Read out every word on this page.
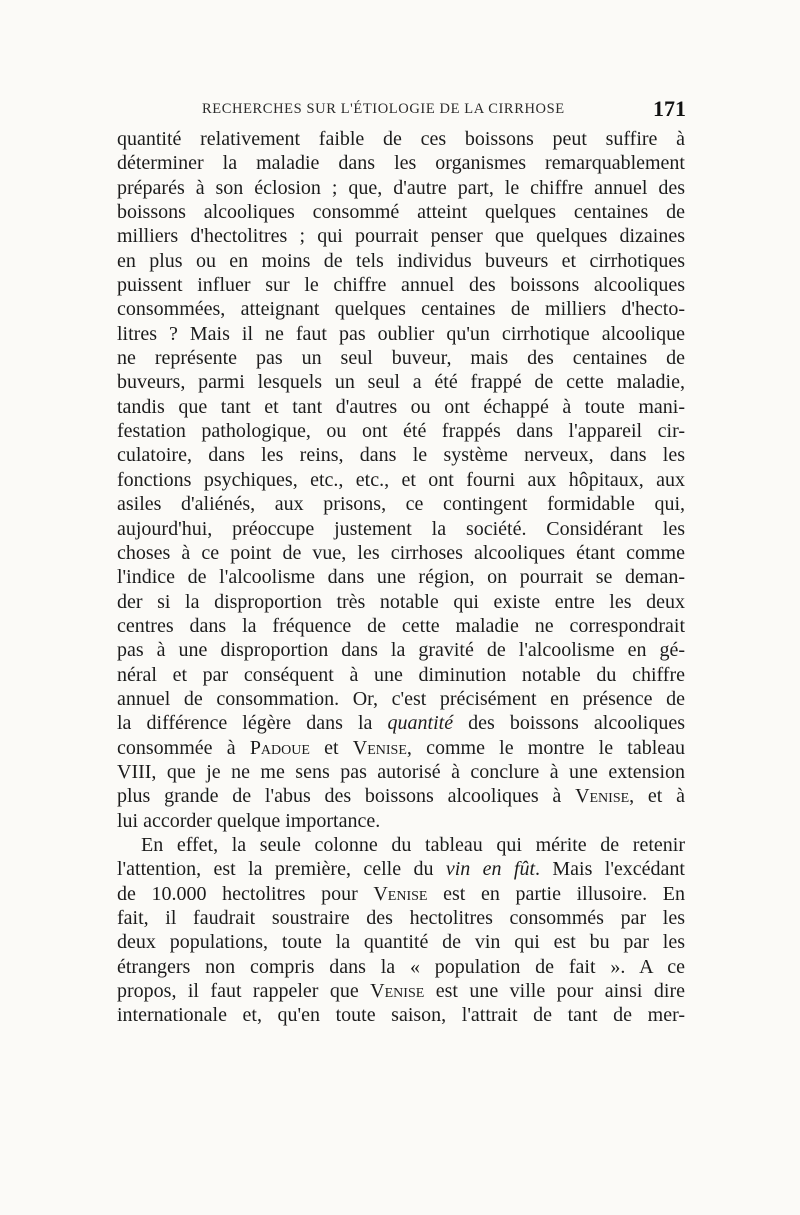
RECHERCHES SUR L'ÉTIOLOGIE DE LA CIRRHOSE	171
quantité relativement faible de ces boissons peut suffire à
déterminer la maladie dans les organismes remarquablement
préparés à son éclosion ; que, d'autre part, le chiffre annuel des
boissons alcooliques consommé atteint quelques centaines de
milliers d'hectolitres ; qui pourrait penser que quelques dizaines
en plus ou en moins de tels individus buveurs et cirrhotiques
puissent influer sur le chiffre annuel des boissons alcooliques
consommées, atteignant quelques centaines de milliers d'hecto-
litres ? Mais il ne faut pas oublier qu'un cirrhotique alcoolique
ne représente pas un seul buveur, mais des centaines de
buveurs, parmi lesquels un seul a été frappé de cette maladie,
tandis que tant et tant d'autres ou ont échappé à toute mani-
festation pathologique, ou ont été frappés dans l'appareil cir-
culatoire, dans les reins, dans le système nerveux, dans les
fonctions psychiques, etc., etc., et ont fourni aux hôpitaux, aux
asiles d'aliénés, aux prisons, ce contingent formidable qui,
aujourd'hui, préoccupe justement la société. Considérant les
choses à ce point de vue, les cirrhoses alcooliques étant comme
l'indice de l'alcoolisme dans une région, on pourrait se deman-
der si la disproportion très notable qui existe entre les deux
centres dans la fréquence de cette maladie ne correspondrait
pas à une disproportion dans la gravité de l'alcoolisme en gé-
néral et par conséquent à une diminution notable du chiffre
annuel de consommation. Or, c'est précisément en présence de
la différence légère dans la quantité des boissons alcooliques
consommée à Padoue et Venise, comme le montre le tableau
VIII, que je ne me sens pas autorisé à conclure à une extension
plus grande de l'abus des boissons alcooliques à Venise, et à
lui accorder quelque importance.
En effet, la seule colonne du tableau qui mérite de retenir
l'attention, est la première, celle du vin en fût. Mais l'excédant
de 10.000 hectolitres pour Venise est en partie illusoire. En
fait, il faudrait soustraire des hectolitres consommés par les
deux populations, toute la quantité de vin qui est bu par les
étrangers non compris dans la « population de fait ». A ce
propos, il faut rappeler que Venise est une ville pour ainsi dire
internationale et, qu'en toute saison, l'attrait de tant de mer-
